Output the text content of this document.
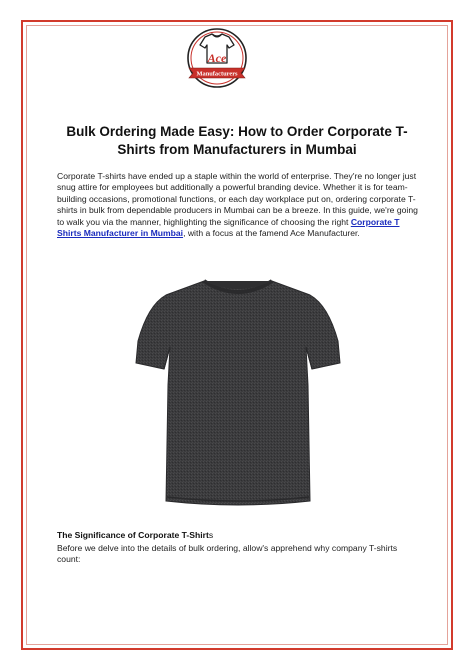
Ace
Manufacturers
Bulk Ordering Made Easy: How to Order Corporate T-Shirts from Manufacturers in Mumbai

Corporate T-shirts have ended up a staple within the world of enterprise. They're no longer just snug attire for employees but additionally a powerful branding device. Whether it is for team-building occasions, promotional functions, or each day workplace put on, ordering corporate T-shirts in bulk from dependable producers in Mumbai can be a breeze. In this guide, we're going to walk you via the manner, highlighting the significance of choosing the right Corporate T Shirts Manufacturer in Mumbai, with a focus at the famend Ace Manufacturer.

The Significance of Corporate T-Shirts

Before we delve into the details of bulk ordering, allow's apprehend why company T-shirts count:
